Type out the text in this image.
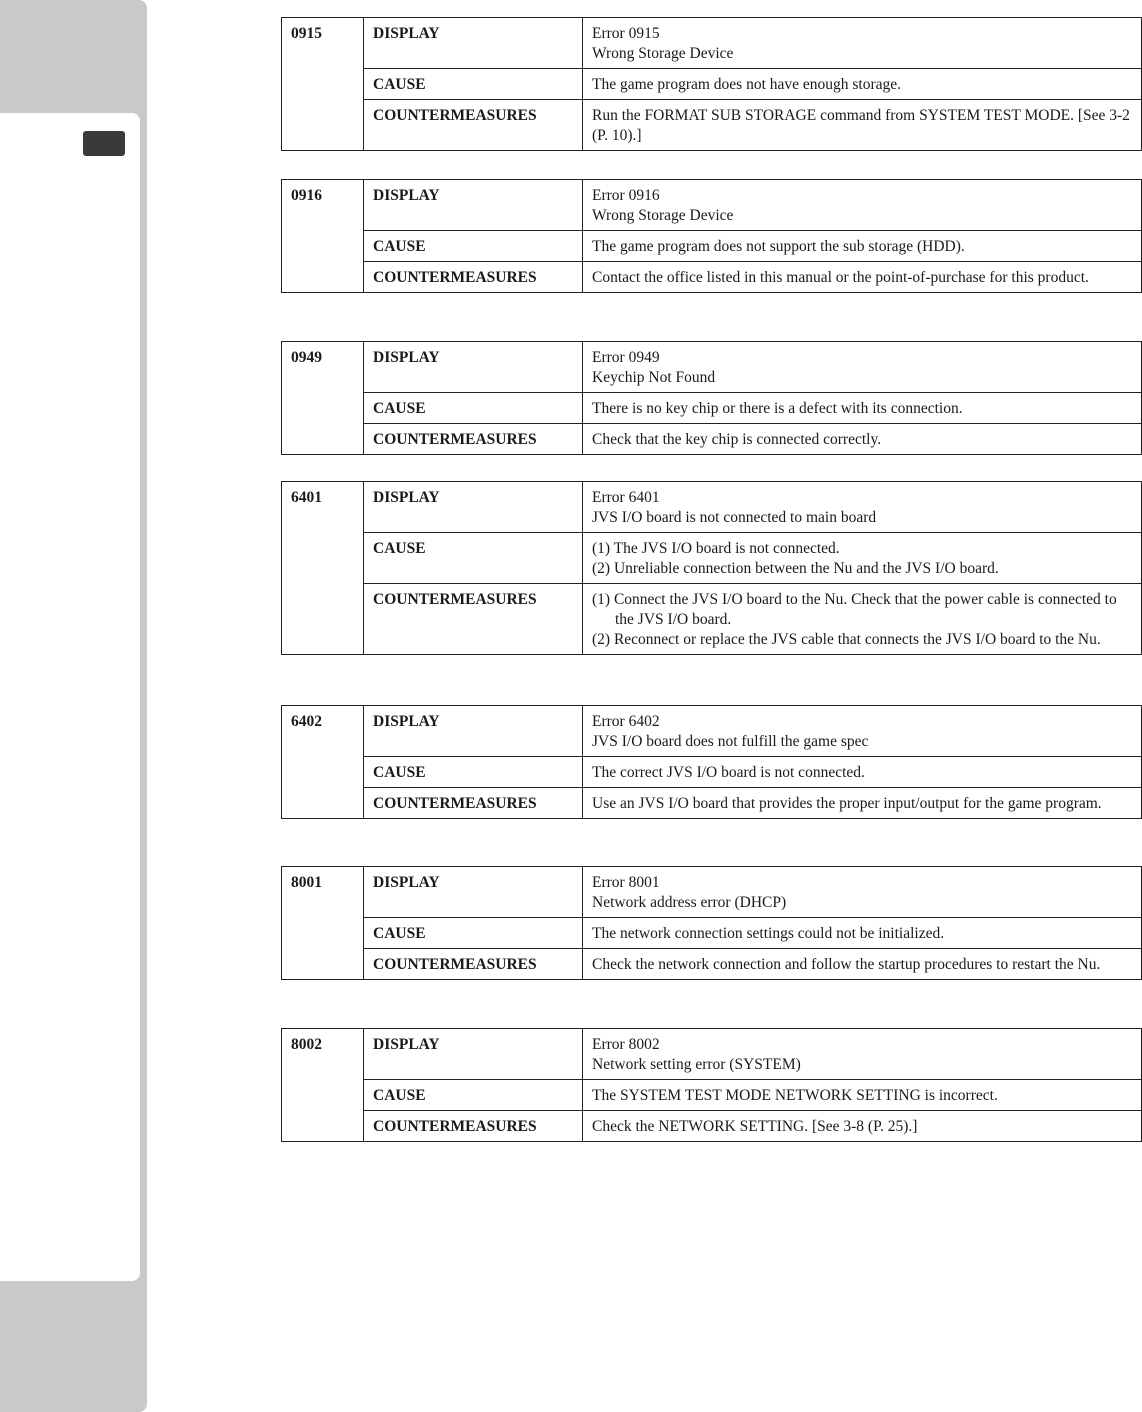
0915	DISPLAY	Error 0915
Wrong Storage Device

	CAUSE	The game program does not have enough storage.

	COUNTERMEASURES	Run the FORMAT SUB STORAGE command from SYSTEM TEST MODE. [See 3-2 (P. 10).]
0916	DISPLAY	Error 0916
Wrong Storage Device

	CAUSE	The game program does not support the sub storage (HDD).

	COUNTERMEASURES	Contact the office listed in this manual or the point-of-purchase for this product.
0949	DISPLAY	Error 0949
Keychip Not Found

	CAUSE	There is no key chip or there is a defect with its connection.

	COUNTERMEASURES	Check that the key chip is connected correctly.
6401	DISPLAY	Error 6401
JVS I/O board is not connected to main board

	CAUSE	(1) The JVS I/O board is not connected.
(2) Unreliable connection between the Nu and the JVS I/O board.

	COUNTERMEASURES	(1) Connect the JVS I/O board to the Nu. Check that the power cable is connected to the JVS I/O board.
(2) Reconnect or replace the JVS cable that connects the JVS I/O board to the Nu.
6402	DISPLAY	Error 6402
JVS I/O board does not fulfill the game spec

	CAUSE	The correct JVS I/O board is not connected.

	COUNTERMEASURES	Use an JVS I/O board that provides the proper input/output for the game program.
8001	DISPLAY	Error 8001
Network address error (DHCP)

	CAUSE	The network connection settings could not be initialized.

	COUNTERMEASURES	Check the network connection and follow the startup procedures to restart the Nu.
8002	DISPLAY	Error 8002
Network setting error (SYSTEM)

	CAUSE	The SYSTEM TEST MODE NETWORK SETTING is incorrect.

	COUNTERMEASURES	Check the NETWORK SETTING. [See 3-8 (P. 25).]
